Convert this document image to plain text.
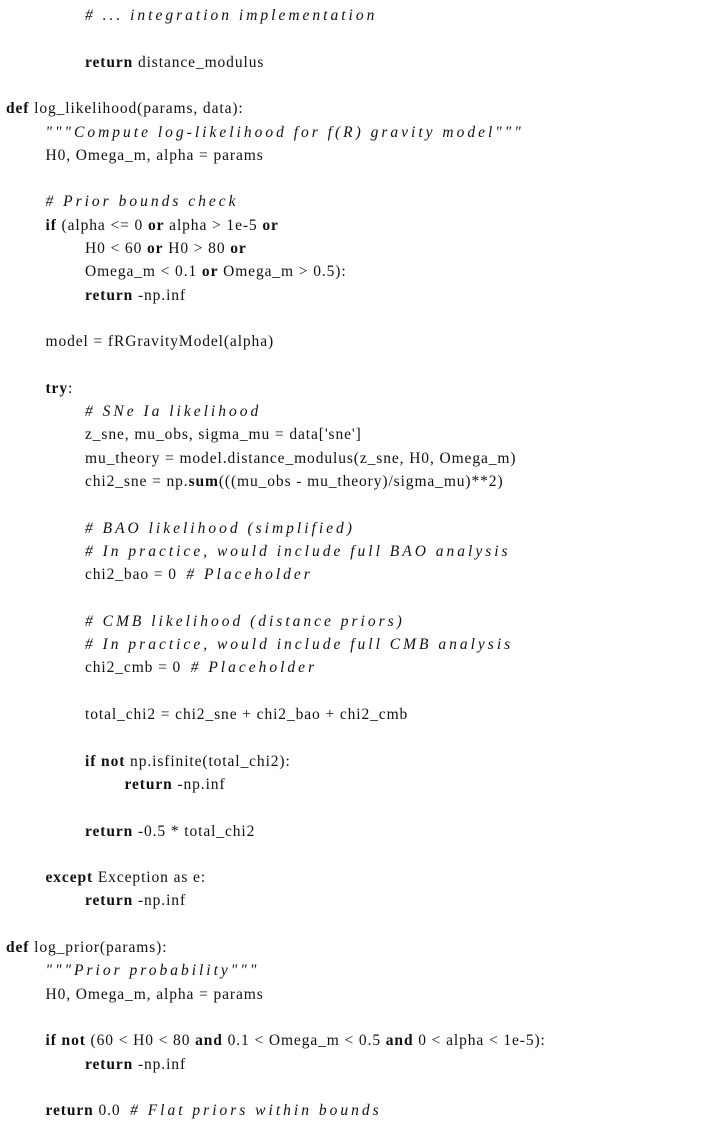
# ... integration implementation
return distance_modulus
def log_likelihood(params, data):
"""Compute log-likelihood for f(R) gravity model"""
H0, Omega_m, alpha = params
# Prior bounds check
if (alpha <= 0 or alpha > 1e-5 or
H0 < 60 or H0 > 80 or
Omega_m < 0.1 or Omega_m > 0.5):
return -np.inf
model = fRGravityModel(alpha)
try:
# SNe Ia likelihood
z_sne, mu_obs, sigma_mu = data['sne']
mu_theory = model.distance_modulus(z_sne, H0, Omega_m)
chi2_sne = np.sum(((mu_obs - mu_theory)/sigma_mu)**2)
# BAO likelihood (simplified)
# In practice, would include full BAO analysis
chi2_bao = 0  # Placeholder
# CMB likelihood (distance priors)
# In practice, would include full CMB analysis
chi2_cmb = 0  # Placeholder
total_chi2 = chi2_sne + chi2_bao + chi2_cmb
if not np.isfinite(total_chi2):
return -np.inf
return -0.5 * total_chi2
except Exception as e:
return -np.inf
def log_prior(params):
"""Prior probability"""
H0, Omega_m, alpha = params
if not (60 < H0 < 80 and 0.1 < Omega_m < 0.5 and 0 < alpha < 1e-5):
return -np.inf
return 0.0  # Flat priors within bounds
